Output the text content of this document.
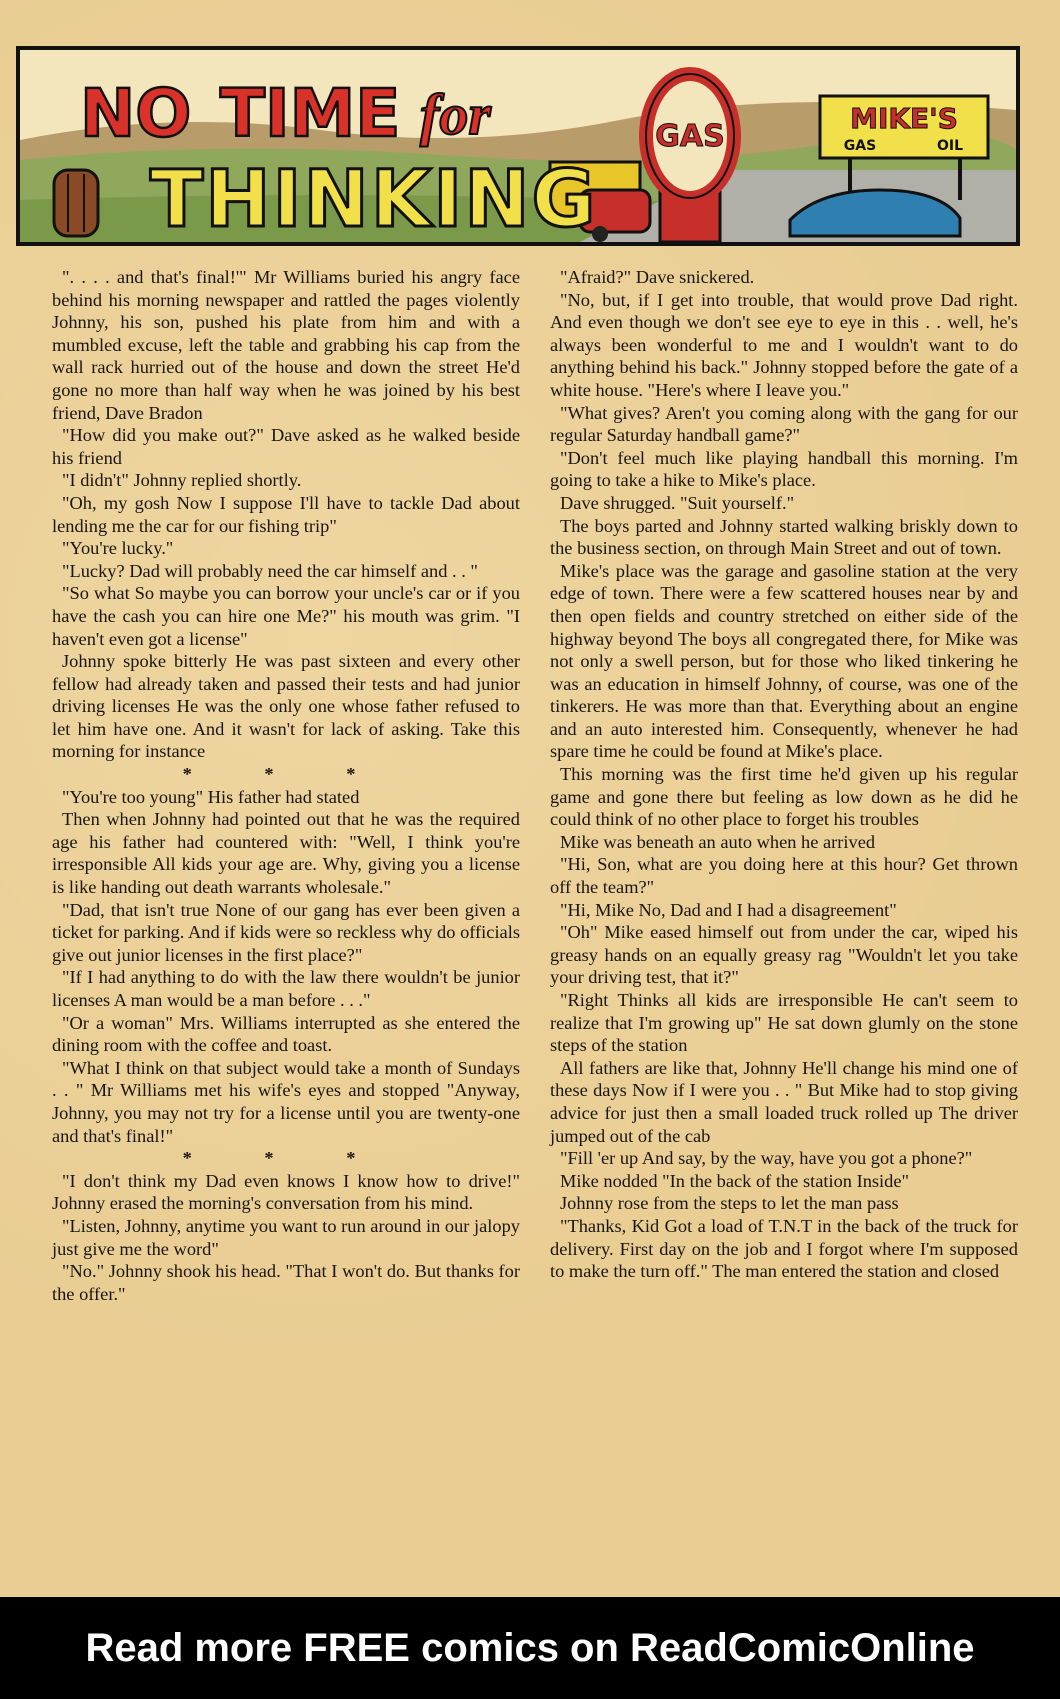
GAS
MIKE'S
GAS	OIL
NO TIME for
THINKING

". . . . and that's final!'" Mr Williams buried his angry face behind his morning newspaper and rattled the pages violently Johnny, his son, pushed his plate from him and with a mumbled excuse, left the table and grabbing his cap from the wall rack hurried out of the house and down the street He'd gone no more than half way when he was joined by his best friend, Dave Bradon

"How did you make out?" Dave asked as he walked beside his friend

"I didn't" Johnny replied shortly.

"Oh, my gosh Now I suppose I'll have to tackle Dad about lending me the car for our fishing trip"

"You're lucky."

"Lucky? Dad will probably need the car himself and . . "

"So what So maybe you can borrow your uncle's car or if you have the cash you can hire one Me?" his mouth was grim. "I haven't even got a license"

Johnny spoke bitterly He was past sixteen and every other fellow had already taken and passed their tests and had junior driving licenses He was the only one whose father refused to let him have one. And it wasn't for lack of asking. Take this morning for instance

* * *

"You're too young" His father had stated

Then when Johnny had pointed out that he was the required age his father had countered with: "Well, I think you're irresponsible All kids your age are. Why, giving you a license is like handing out death warrants wholesale."

"Dad, that isn't true None of our gang has ever been given a ticket for parking. And if kids were so reckless why do officials give out junior licenses in the first place?"

"If I had anything to do with the law there wouldn't be junior licenses A man would be a man before . . ."

"Or a woman" Mrs. Williams interrupted as she entered the dining room with the coffee and toast.

"What I think on that subject would take a month of Sundays . . " Mr Williams met his wife's eyes and stopped "Anyway, Johnny, you may not try for a license until you are twenty-one and that's final!"

* * *

"I don't think my Dad even knows I know how to drive!" Johnny erased the morning's conversation from his mind.

"Listen, Johnny, anytime you want to run around in our jalopy just give me the word"

"No." Johnny shook his head. "That I won't do. But thanks for the offer."

"Afraid?" Dave snickered.

"No, but, if I get into trouble, that would prove Dad right. And even though we don't see eye to eye in this . . well, he's always been wonderful to me and I wouldn't want to do anything behind his back." Johnny stopped before the gate of a white house. "Here's where I leave you."

"What gives? Aren't you coming along with the gang for our regular Saturday handball game?"

"Don't feel much like playing handball this morning. I'm going to take a hike to Mike's place.

Dave shrugged. "Suit yourself."

The boys parted and Johnny started walking briskly down to the business section, on through Main Street and out of town.

Mike's place was the garage and gasoline station at the very edge of town. There were a few scattered houses near by and then open fields and country stretched on either side of the highway beyond The boys all congregated there, for Mike was not only a swell person, but for those who liked tinkering he was an education in himself Johnny, of course, was one of the tinkerers. He was more than that. Everything about an engine and an auto interested him. Consequently, whenever he had spare time he could be found at Mike's place.

This morning was the first time he'd given up his regular game and gone there but feeling as low down as he did he could think of no other place to forget his troubles

Mike was beneath an auto when he arrived

"Hi, Son, what are you doing here at this hour? Get thrown off the team?"

"Hi, Mike No, Dad and I had a disagreement"

"Oh" Mike eased himself out from under the car, wiped his greasy hands on an equally greasy rag "Wouldn't let you take your driving test, that it?"

"Right Thinks all kids are irresponsible He can't seem to realize that I'm growing up" He sat down glumly on the stone steps of the station

All fathers are like that, Johnny He'll change his mind one of these days Now if I were you . . " But Mike had to stop giving advice for just then a small loaded truck rolled up The driver jumped out of the cab

"Fill 'er up And say, by the way, have you got a phone?"

Mike nodded "In the back of the station Inside"

Johnny rose from the steps to let the man pass

"Thanks, Kid Got a load of T.N.T in the back of the truck for delivery. First day on the job and I forgot where I'm supposed to make the turn off." The man entered the station and closed

Read more FREE comics on ReadComicOnline
